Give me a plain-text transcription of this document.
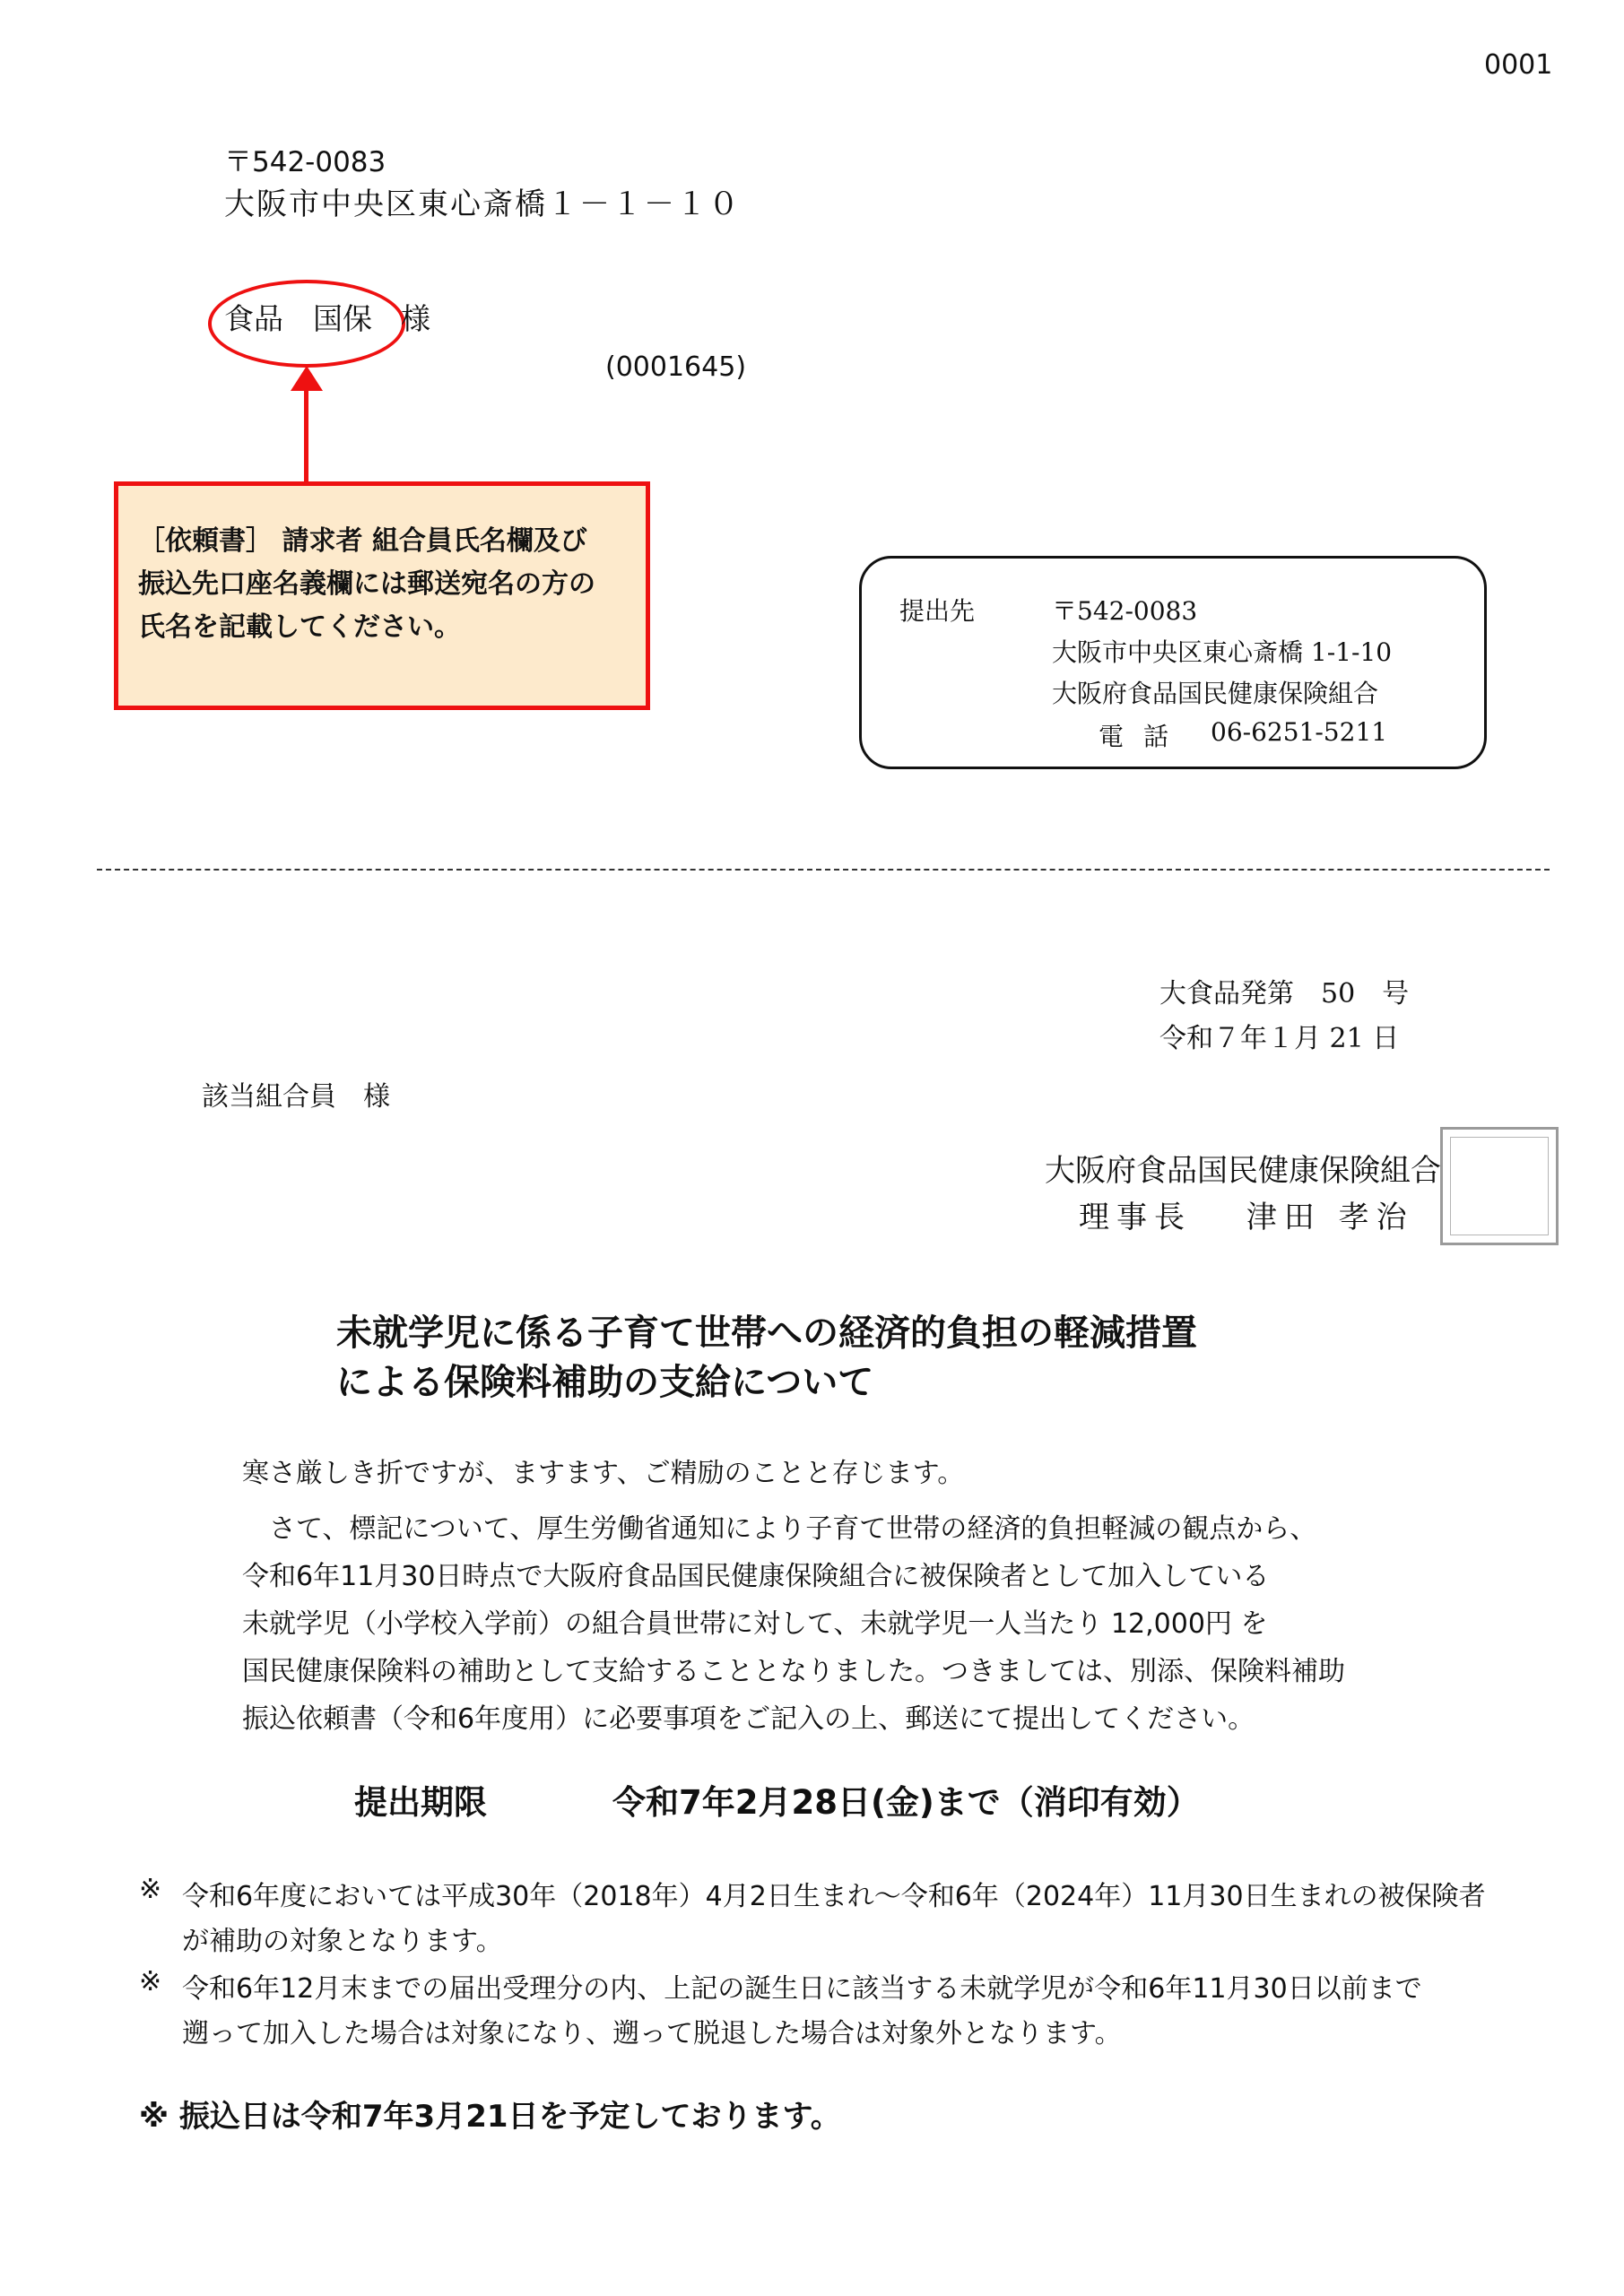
0001
〒542-0083
大阪市中央区東心斎橋１－１－１０
食品　国保 様
(0001645)
［依頼書］ 請求者 組合員氏名欄及び
振込先口座名義欄には郵送宛名の方の
氏名を記載してください。
提出先	〒542-0083
大阪市中央区東心斎橋 1-1-10
大阪府食品国民健康保険組合
電話 06-6251-5211
大食品発第　50　号
令和７年１月 21 日
該当組合員　様
大阪府食品国民健康保険組合
理事長　 津田 孝治
未就学児に係る子育て世帯への経済的負担の軽減措置
による保険料補助の支給について
寒さ厳しき折ですが、ますます、ご精励のことと存じます。
　さて、標記について、厚生労働省通知により子育て世帯の経済的負担軽減の観点から、
令和6年11月30日時点で大阪府食品国民健康保険組合に被保険者として加入している
未就学児（小学校入学前）の組合員世帯に対して、未就学児一人当たり 12,000円 を
国民健康保険料の補助として支給することとなりました。つきましては、別添、保険料補助
振込依頼書（令和6年度用）に必要事項をご記入の上、郵送にて提出してください。
提出期限	令和7年2月28日(金)まで（消印有効）
※ 令和6年度においては平成30年（2018年）4月2日生まれ～令和6年（2024年）11月30日生まれの被保険者
が補助の対象となります。
※ 令和6年12月末までの届出受理分の内、上記の誕生日に該当する未就学児が令和6年11月30日以前まで
遡って加入した場合は対象になり、遡って脱退した場合は対象外となります。
※ 振込日は令和7年3月21日を予定しております。
